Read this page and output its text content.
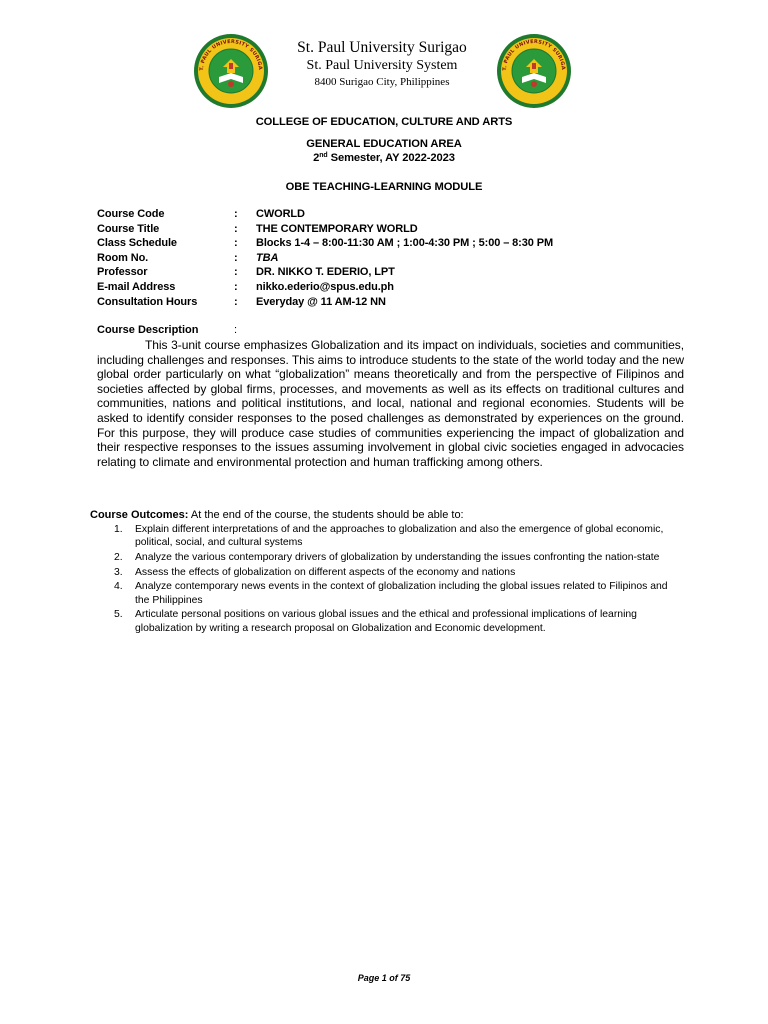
T. PAUL UNIVERSITY SURIGA
St. Paul University Surigao
St. Paul University System
8400 Surigao City, Philippines
T. PAUL UNIVERSITY SURIGA
COLLEGE OF EDUCATION, CULTURE AND ARTS
GENERAL EDUCATION AREA
2nd Semester, AY 2022-2023
OBE TEACHING-LEARNING MODULE
Course Code	: CWORLD
Course Title	: THE CONTEMPORARY WORLD
Class Schedule	: Blocks 1-4 – 8:00-11:30 AM ; 1:00-4:30 PM ; 5:00 – 8:30 PM
Room No.	: TBA
Professor	: DR. NIKKO T. EDERIO, LPT
E-mail Address	: nikko.ederio@spus.edu.ph
Consultation Hours	: Everyday @ 11 AM-12 NN
Course Description	:
This 3-unit course emphasizes Globalization and its impact on individuals, societies and communities, including challenges and responses. This aims to introduce students to the state of the world today and the new global order particularly on what “globalization” means theoretically and from the perspective of Filipinos and societies affected by global firms, processes, and movements as well as its effects on traditional cultures and communities, nations and political institutions, and local, national and regional economies. Students will be asked to identify consider responses to the posed challenges as demonstrated by experiences on the ground. For this purpose, they will produce case studies of communities experiencing the impact of globalization and their respective responses to the issues assuming involvement in global civic societies engaged in advocacies relating to climate and environmental protection and human trafficking among others.
Course Outcomes: At the end of the course, the students should be able to:
1. Explain different interpretations of and the approaches to globalization and also the emergence of global economic, political, social, and cultural systems
2. Analyze the various contemporary drivers of globalization by understanding the issues confronting the nation-state
3. Assess the effects of globalization on different aspects of the economy and nations
4. Analyze contemporary news events in the context of globalization including the global issues related to Filipinos and the Philippines
5. Articulate personal positions on various global issues and the ethical and professional implications of learning globalization by writing a research proposal on Globalization and Economic development.
Page 1 of 75
